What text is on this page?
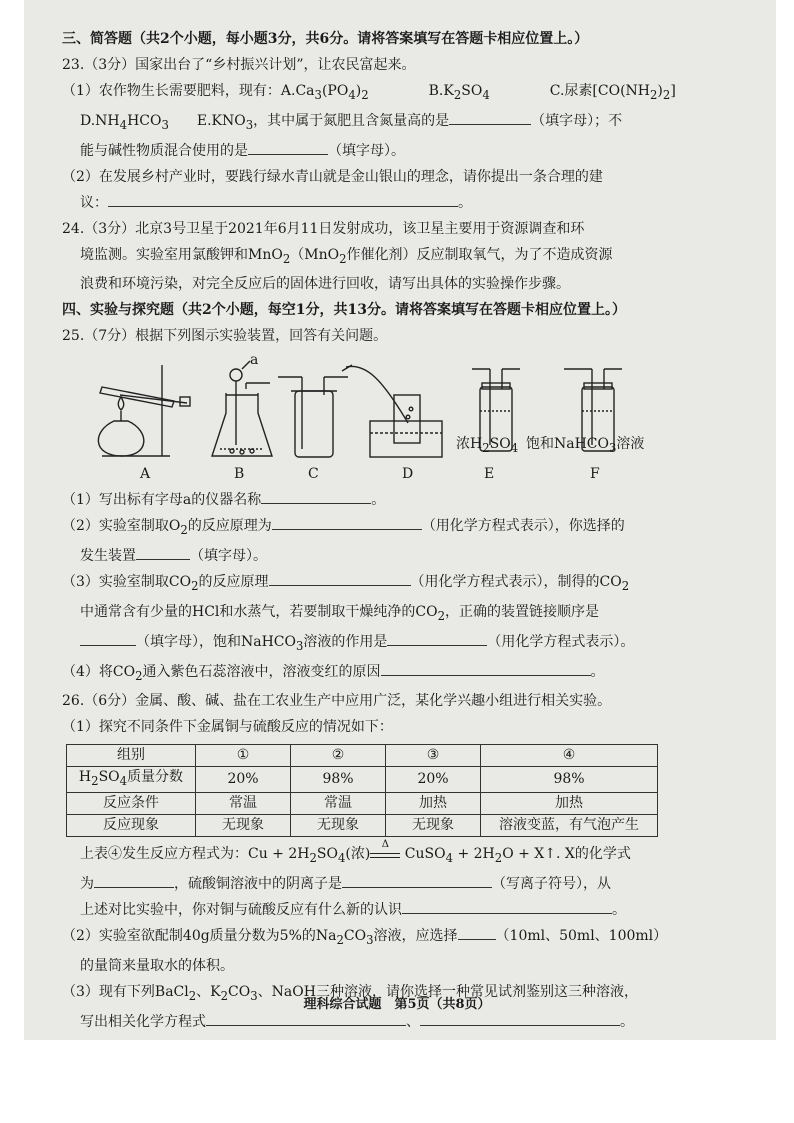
三、简答题（共2个小题，每小题3分，共6分。请将答案填写在答题卡相应位置上。）
23.（3分）国家出台了“乡村振兴计划”，让农民富起来。
（1）农作物生长需要肥料，现有：$A.Ca_3(PO_4)_2$	$B.K_2SO_4$	C.尿素$[CO(NH_2)_2]$
$D.NH_4HCO_3$ $E.KNO_3$，其中属于氮肥且含氮量高的是	（填字母）；不
能与碱性物质混合使用的是	（填字母）。
（2）在发展乡村产业时，要践行绿水青山就是金山银山的理念，请你提出一条合理的建
议：	。
24.（3分）北京3号卫星于2021年6月11日发射成功，该卫星主要用于资源调查和环
境监测。实验室用氯酸钾和MnO$_2$（MnO$_2$作催化剂）反应制取氧气，为了不造成资源
浪费和环境污染，对完全反应后的固体进行回收，请写出具体的实验操作步骤。
四、实验与探究题（共2个小题，每空1分，共13分。请将答案填写在答题卡相应位置上。）
25.（7分）根据下列图示实验装置，回答有关问题。
a
浓$H_2SO_4$ 饱和NaHCO$_3$溶液
A	B	C	D	E	F
（1）写出标有字母a的仪器名称	。
（2）实验室制取$O_2$的反应原理为	（用化学方程式表示），你选择的
发生装置	（填字母）。
（3）实验室制取$CO_2$的反应原理	（用化学方程式表示），制得的$CO_2$
中通常含有少量的HCl和水蒸气，若要制取干燥纯净的$CO_2$，正确的装置链接顺序是
（填字母），饱和NaHCO$_3$溶液的作用是	（用化学方程式表示）。
（4）将$CO_2$通入紫色石蕊溶液中，溶液变红的原因	。
26.（6分）金属、酸、碱、盐在工农业生产中应用广泛，某化学兴趣小组进行相关实验。
（1）探究不同条件下金属铜与硫酸反应的情况如下：
组别	①	②	③	④
$H_2SO_4$质量分数	20%	98%	20%	98%
反应条件	常温	常温	加热	加热
反应现象	无现象	无现象	无现象	溶液变蓝，有气泡产生
上表④发生反应方程式为：$Cu + 2H_2SO_4$(浓)
Δ
CuSO$_4$ + $2H_2O$ + X↑. X的化学式
为	，硫酸铜溶液中的阴离子是	（写离子符号），从
上述对比实验中，你对铜与硫酸反应有什么新的认识	。
（2）实验室欲配制40g质量分数为5%的$Na_2CO_3$溶液，应选择	（10ml、50ml、100ml）
的量筒来量取水的体积。
（3）现有下列BaCl$_2$、$K_2CO_3$、NaOH三种溶液，请你选择一种常见试剂鉴别这三种溶液，
写出相关化学方程式	、	。
理科综合试题　第5页（共8页）
